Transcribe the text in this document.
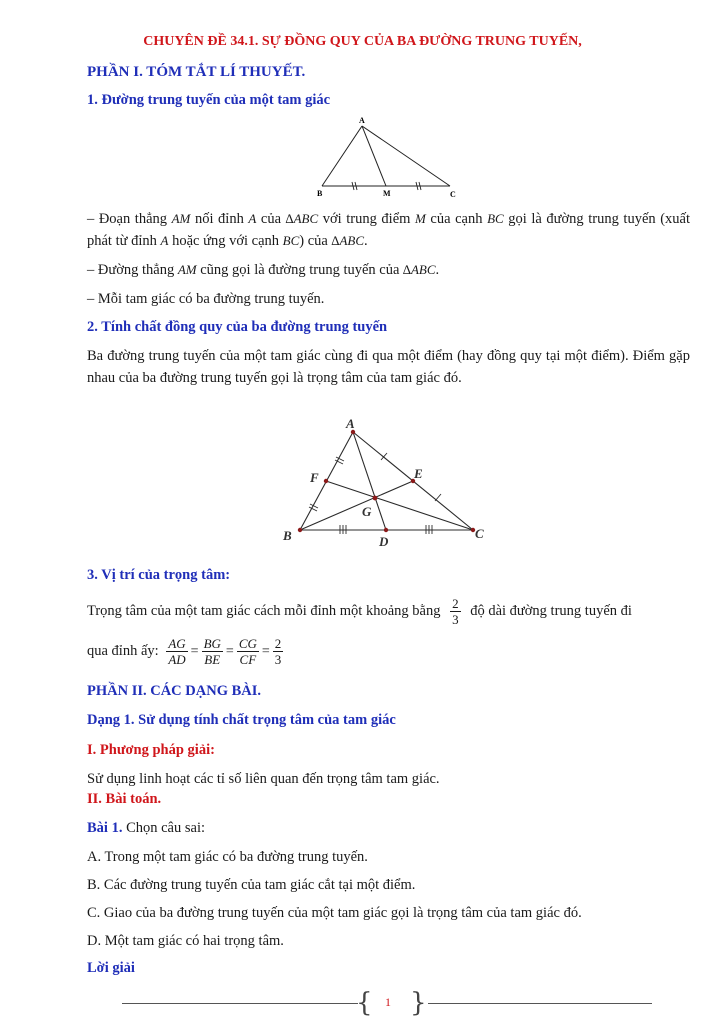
CHUYÊN ĐỀ 34.1. SỰ ĐỒNG QUY CỦA BA ĐƯỜNG TRUNG TUYẾN,
PHẦN I. TÓM TẮT LÍ THUYẾT.
1. Đường trung tuyến của một tam giác
A
B	M	C
– Đoạn thẳng AM nối đỉnh A của ∆ABC với trung điểm M của cạnh BC gọi là đường trung tuyến (xuất phát từ đỉnh A hoặc ứng với cạnh BC) của ∆ABC.
– Đường thẳng AM cũng gọi là đường trung tuyến của ∆ABC.
– Mỗi tam giác có ba đường trung tuyến.
2. Tính chất đồng quy của ba đường trung tuyến
Ba đường trung tuyến của một tam giác cùng đi qua một điểm (hay đồng quy tại một điểm). Điểm gặp nhau của ba đường trung tuyến gọi là trọng tâm của tam giác đó.
A
B	C
D
E
F
G
3. Vị trí của trọng tâm:
Trọng tâm của một tam giác cách mỗi đỉnh một khoảng bằng $\frac{2}{3}$ độ dài đường trung tuyến đi
qua đỉnh ấy: $\frac{AG}{AD} = \frac{BG}{BE} = \frac{CG}{CF} = \frac{2}{3}$
PHẦN II. CÁC DẠNG BÀI.
Dạng 1. Sử dụng tính chất trọng tâm của tam giác
I. Phương pháp giải:
Sử dụng linh hoạt các tỉ số liên quan đến trọng tâm tam giác.
II. Bài toán.
Bài 1. Chọn câu sai:
A. Trong một tam giác có ba đường trung tuyến.
B. Các đường trung tuyến của tam giác cắt tại một điểm.
C. Giao của ba đường trung tuyến của một tam giác gọi là trọng tâm của tam giác đó.
D. Một tam giác có hai trọng tâm.
Lời giải
{ 1 }
